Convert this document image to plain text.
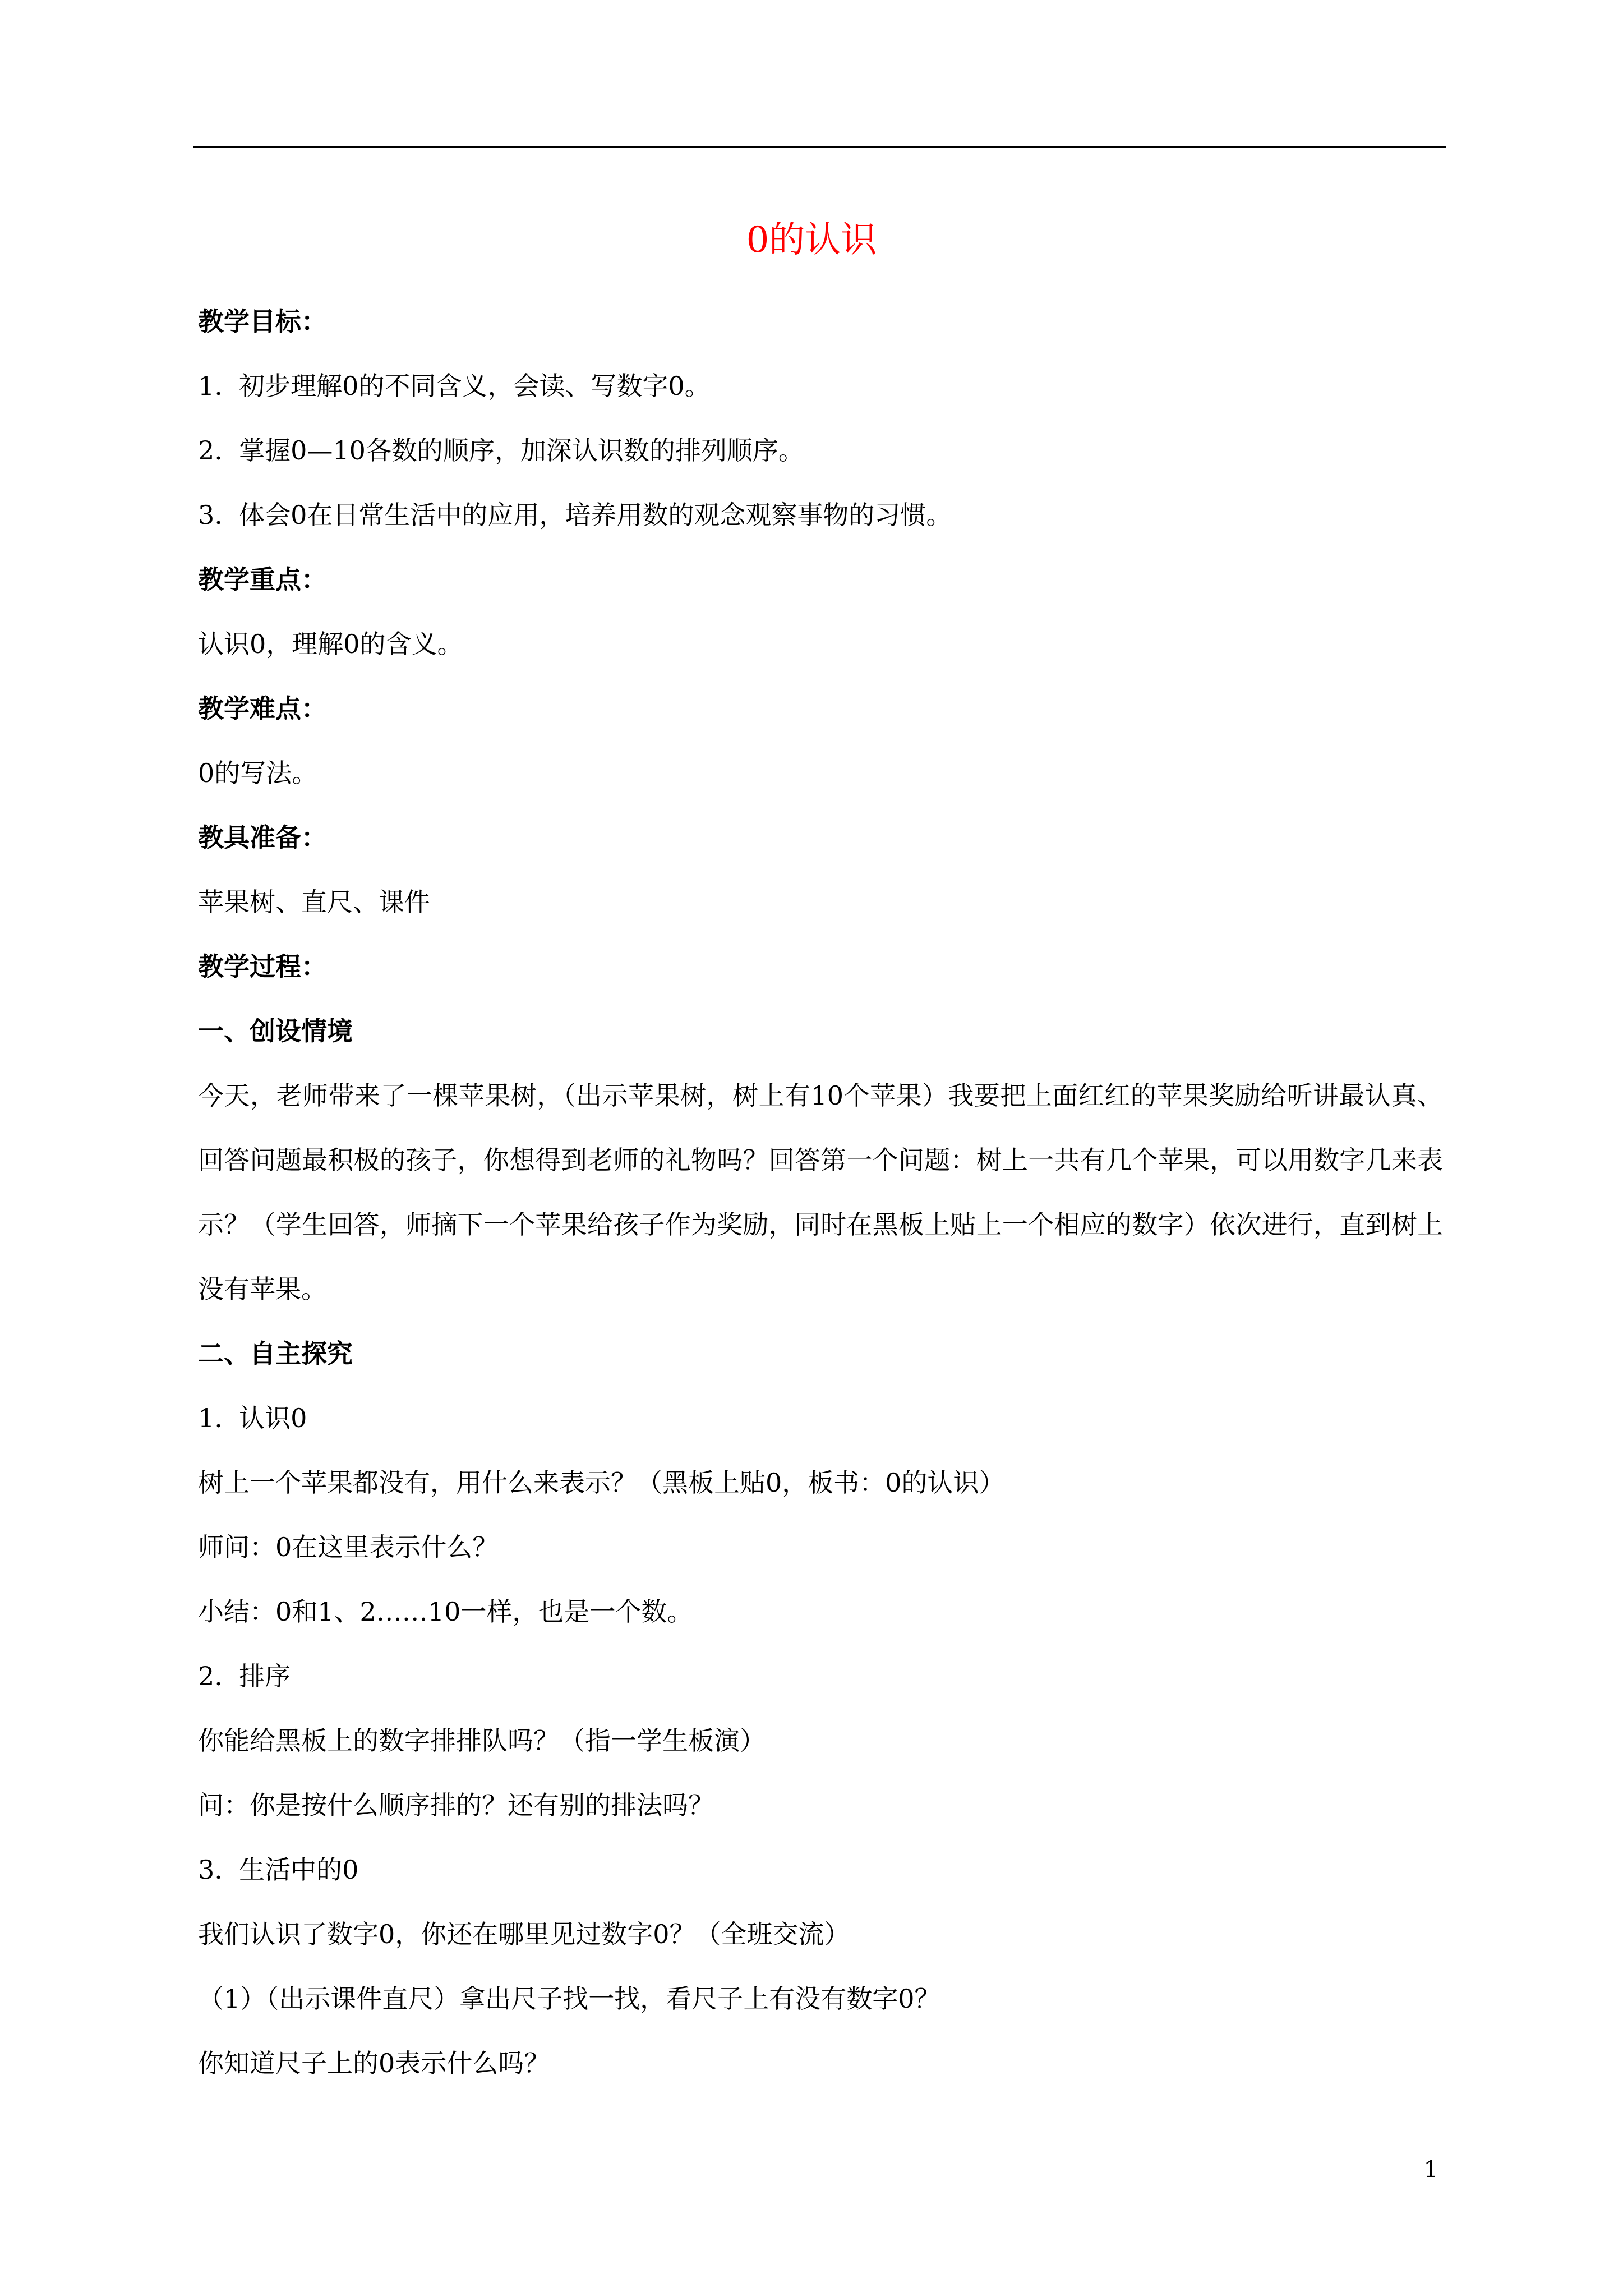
0的认识
教学目标：
1.  初步理解0的不同含义，会读、写数字0。
2.  掌握0—10各数的顺序，加深认识数的排列顺序。
3.  体会0在日常生活中的应用，培养用数的观念观察事物的习惯。
教学重点：
认识0，理解0的含义。
教学难点：
0的写法。
教具准备：
苹果树、直尺、课件
教学过程：
一、创设情境
今天，老师带来了一棵苹果树，（出示苹果树，树上有10个苹果）我要把上面红红的苹果奖励给听讲最认真、回答问题最积极的孩子，你想得到老师的礼物吗？回答第一个问题：树上一共有几个苹果，可以用数字几来表示？（学生回答，师摘下一个苹果给孩子作为奖励，同时在黑板上贴上一个相应的数字）依次进行，直到树上没有苹果。
二、自主探究
1.  认识0
树上一个苹果都没有，用什么来表示？（黑板上贴0，板书：0的认识）
师问：0在这里表示什么？
小结：0和1、2……10一样，也是一个数。
2.  排序
你能给黑板上的数字排排队吗？（指一学生板演）
问：你是按什么顺序排的？还有别的排法吗？
3.  生活中的0
我们认识了数字0，你还在哪里见过数字0？（全班交流）
（1）（出示课件直尺）拿出尺子找一找，看尺子上有没有数字0？
你知道尺子上的0表示什么吗？
1
